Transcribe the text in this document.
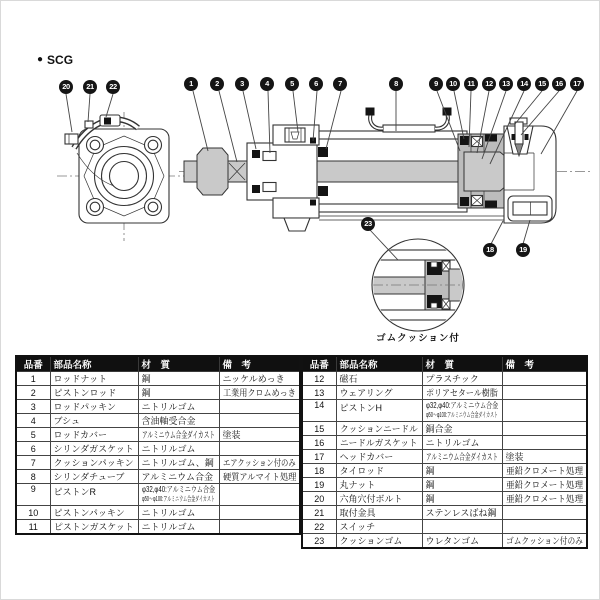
● SCG
1	2	3	4	5	6	7	8	9	10	11	12	13	14	15	16	17
18	19
20	21	22
23
ゴムクッション付
品番	部品名称	材　質	備　考
1	ロッドナット	鋼	ニッケルめっき
2	ピストンロッド	鋼	工業用クロムめっき
3	ロッドパッキン	ニトリルゴム	
4	ブシュ	含油軸受合金	
5	ロッドカバー	アルミニウム合金ダイカスト	塗装
6	シリンダガスケット	ニトリルゴム	
7	クッションパッキン	ニトリルゴム、鋼	エアクッション付のみ
8	シリンダチューブ	アルミニウム合金	硬質アルマイト処理
9	ピストンR	φ32,φ40:アルミニウム合金
φ50～φ100:アルミニウム合金ダイカスト	

10	ピストンパッキン	ニトリルゴム	
11	ピストンガスケット	ニトリルゴム	
品番	部品名称	材　質	備　考
12	磁石	プラスチック	
13	ウェアリング	ポリアセタール樹脂	
14	ピストンH	φ32,φ40:アルミニウム合金
φ50～φ100:アルミニウム合金ダイカスト	

15	クッションニードル	銅合金	
16	ニードルガスケット	ニトリルゴム	
17	ヘッドカバー	アルミニウム合金ダイカスト	塗装
18	タイロッド	鋼	亜鉛クロメート処理
19	丸ナット	鋼	亜鉛クロメート処理
20	六角穴付ボルト	鋼	亜鉛クロメート処理
21	取付金具	ステンレスばね鋼	
22	スイッチ		
23	クッションゴム	ウレタンゴム	ゴムクッション付のみ
